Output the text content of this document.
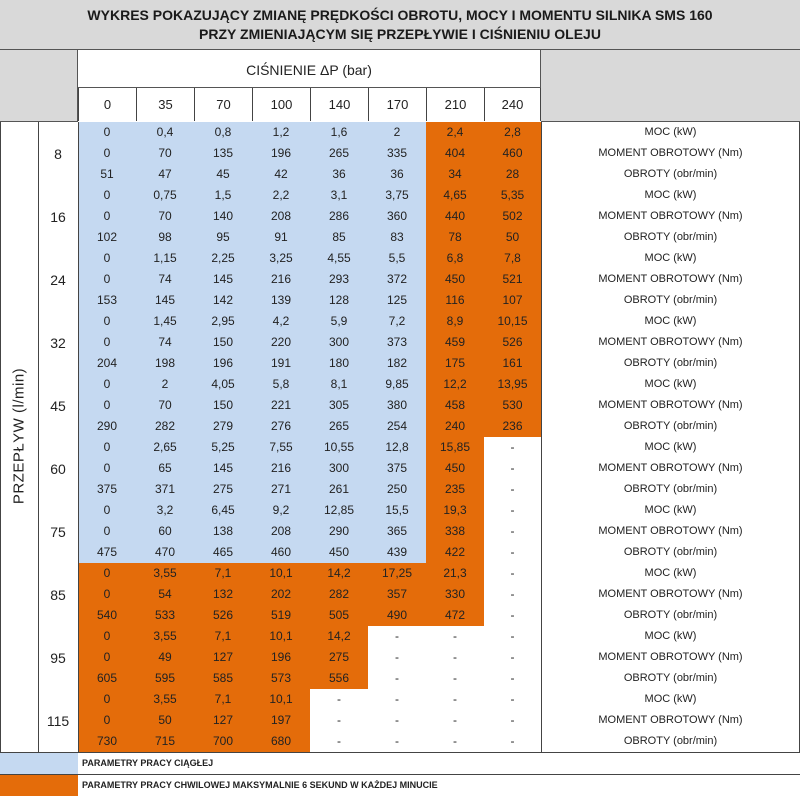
WYKRES POKAZUJĄCY ZMIANĘ PRĘDKOŚCI OBROTU, MOCY I MOMENTU SILNIKA SMS 160
PRZY ZMIENIAJĄCYM SIĘ PRZEPŁYWIE I CIŚNIENIU OLEJU
CIŚNIENIE ΔP (bar)
0	35	70	100	140	170	210	240
PRZEPŁYW (l/min)
8
0	0,4	0,8	1,2	1,6	2	2,4	2,8	MOC (kW)
0	70	135	196	265	335	404	460	MOMENT OBROTOWY (Nm)
51	47	45	42	36	36	34	28	OBROTY (obr/min)
16
0	0,75	1,5	2,2	3,1	3,75	4,65	5,35	MOC (kW)
0	70	140	208	286	360	440	502	MOMENT OBROTOWY (Nm)
102	98	95	91	85	83	78	50	OBROTY (obr/min)
24
0	1,15	2,25	3,25	4,55	5,5	6,8	7,8	MOC (kW)
0	74	145	216	293	372	450	521	MOMENT OBROTOWY (Nm)
153	145	142	139	128	125	116	107	OBROTY (obr/min)
32
0	1,45	2,95	4,2	5,9	7,2	8,9	10,15	MOC (kW)
0	74	150	220	300	373	459	526	MOMENT OBROTOWY (Nm)
204	198	196	191	180	182	175	161	OBROTY (obr/min)
45
0	2	4,05	5,8	8,1	9,85	12,2	13,95	MOC (kW)
0	70	150	221	305	380	458	530	MOMENT OBROTOWY (Nm)
290	282	279	276	265	254	240	236	OBROTY (obr/min)
60
0	2,65	5,25	7,55	10,55	12,8	15,85	-	MOC (kW)
0	65	145	216	300	375	450	-	MOMENT OBROTOWY (Nm)
375	371	275	271	261	250	235	-	OBROTY (obr/min)
75
0	3,2	6,45	9,2	12,85	15,5	19,3	-	MOC (kW)
0	60	138	208	290	365	338	-	MOMENT OBROTOWY (Nm)
475	470	465	460	450	439	422	-	OBROTY (obr/min)
85
0	3,55	7,1	10,1	14,2	17,25	21,3	-	MOC (kW)
0	54	132	202	282	357	330	-	MOMENT OBROTOWY (Nm)
540	533	526	519	505	490	472	-	OBROTY (obr/min)
95
0	3,55	7,1	10,1	14,2	-	-	-	MOC (kW)
0	49	127	196	275	-	-	-	MOMENT OBROTOWY (Nm)
605	595	585	573	556	-	-	-	OBROTY (obr/min)
115
0	3,55	7,1	10,1	-	-	-	-	MOC (kW)
0	50	127	197	-	-	-	-	MOMENT OBROTOWY (Nm)
730	715	700	680	-	-	-	-	OBROTY (obr/min)
PARAMETRY PRACY CIĄGŁEJ
PARAMETRY PRACY CHWILOWEJ MAKSYMALNIE 6 SEKUND W KAŻDEJ MINUCIE
